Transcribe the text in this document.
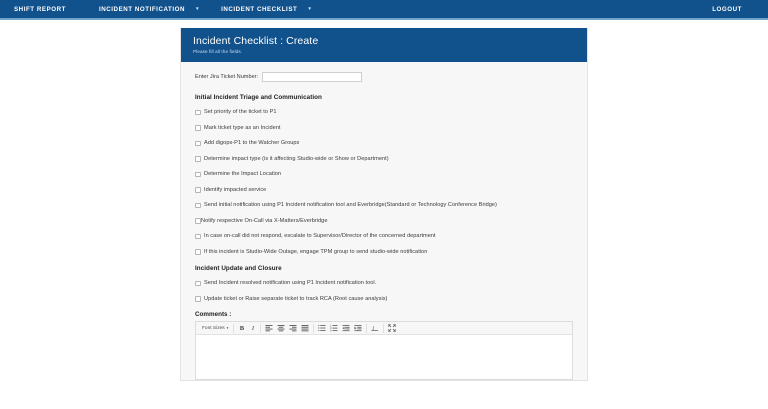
SHIFT REPORT	INCIDENT NOTIFICATION ▾	INCIDENT CHECKLIST ▾	LOGOUT
Incident Checklist : Create
Please fill all the fields.
Enter Jira Ticket Number:
Initial Incident Triage and Communication
Set priority of the ticket to P1
Mark ticket type as an Incident
Add digops-P1 to the Watcher Groups
Determine impact type (is it affecting Studio-wide or Show or Department)
Determine the Impact Location
Identify impacted service
Send initial notification using P1 Incident notification tool and Everbridge(Standard or Technology Conference Bridge)
Notify respective On-Call via X-Matters/Everbridge
In case on-call did not respond, escalate to Supervisor/Director of the concerned department
If this incident is Studio-Wide Outage, engage TPM group to send studio-wide notification
Incident Update and Closure
Send Incident resolved notification using P1 Incident notification tool.
Update ticket or Raise separate ticket to track RCA (Root cause analysis)
Comments :
Font Sizes ▾	B	I	1
2
3	I
